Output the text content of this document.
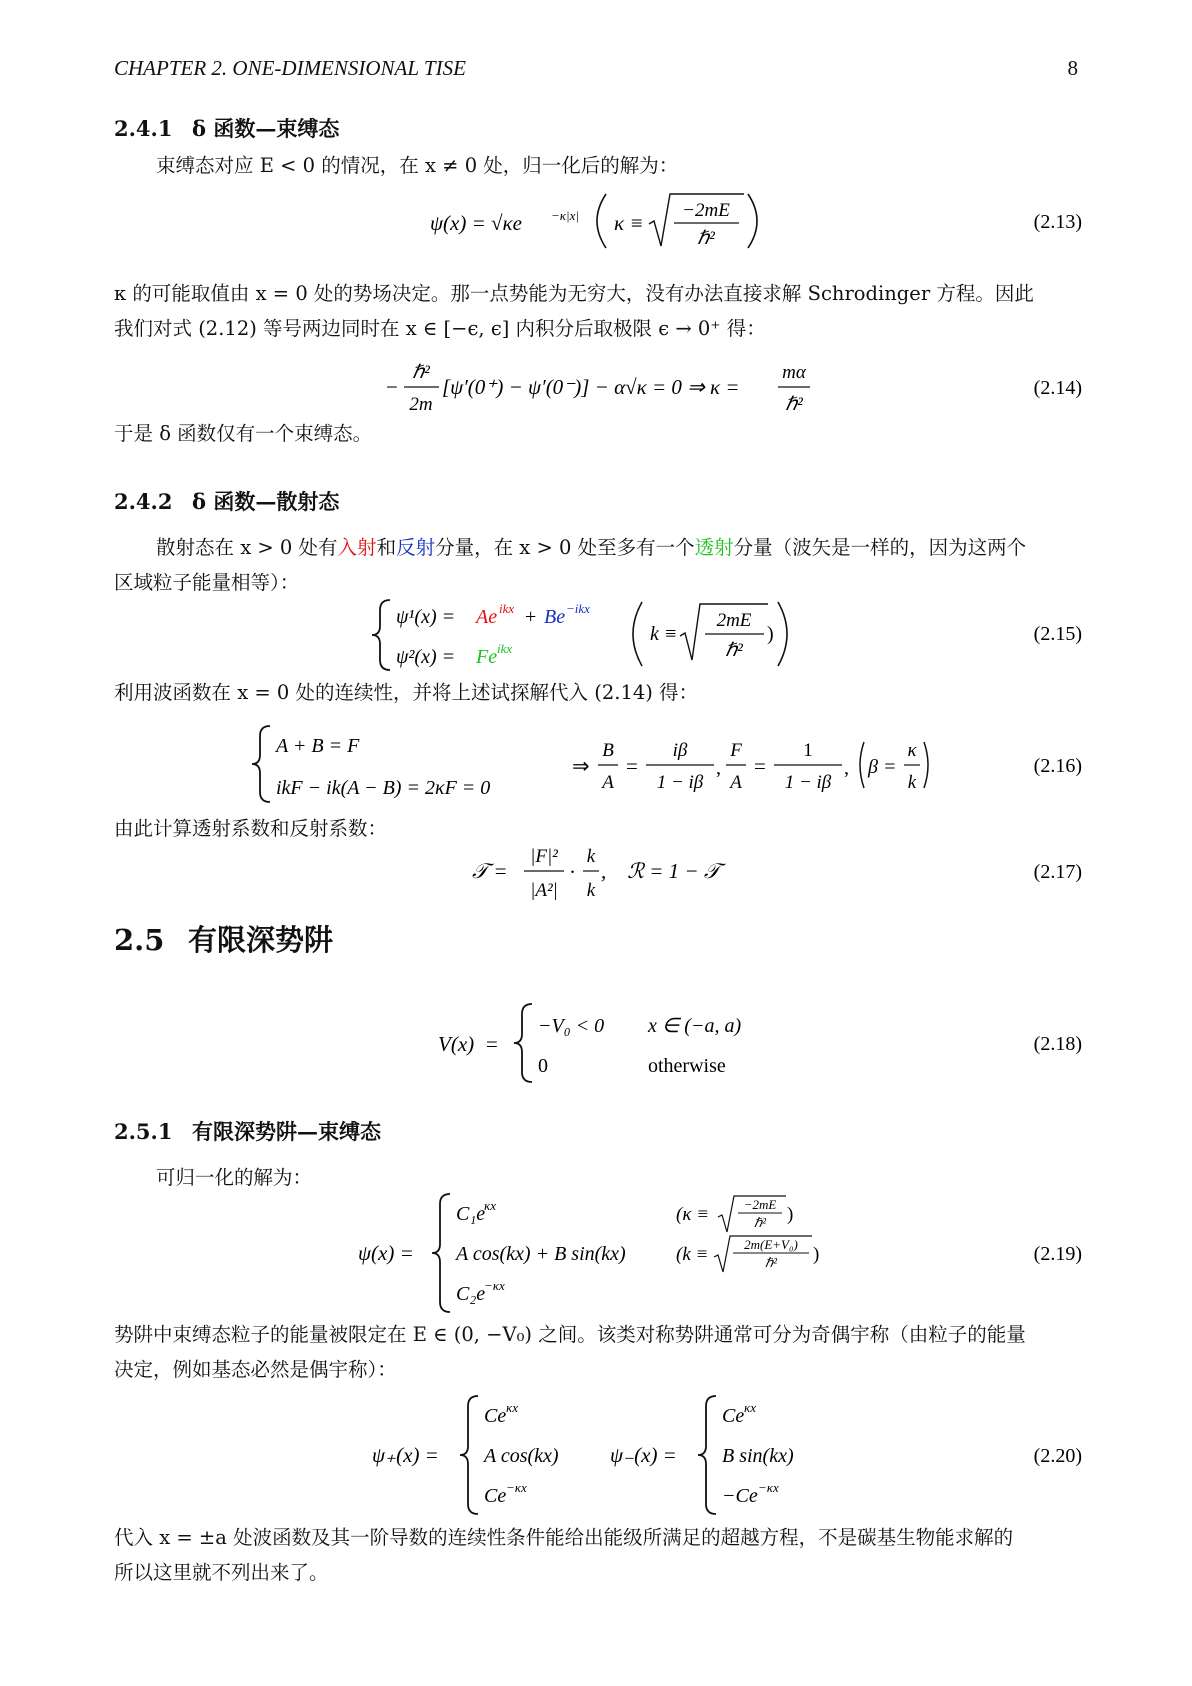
CHAPTER 2. ONE-DIMENSIONAL TISE	8
2.4.1 δ 函数—束缚态
束缚态对应 E < 0 的情况，在 x ≠ 0 处，归一化后的解为：
ψ(x) = √κe −κ|x| κ ≡
−2mE
ℏ²
(2.13)
κ 的可能取值由 x = 0 处的势场决定。那一点势能为无穷大，没有办法直接求解 Schrodinger 方程。因此
我们对式 (2.12) 等号两边同时在 x ∈ [−ϵ, ϵ] 内积分后取极限 ϵ → 0⁺ 得：
−
ℏ²
2m
[ψ′(0⁺) − ψ′(0⁻)] − α√κ = 0 ⇒ κ =
mα
ℏ²
(2.14)
于是 δ 函数仅有一个束缚态。
2.4.2 δ 函数—散射态
散射态在 x > 0 处有入射和反射分量，在 x > 0 处至多有一个透射分量（波矢是一样的，因为这两个
区域粒子能量相等）：
ψ¹(x) = Ae ikx + Be −ikx
ψ²(x) = Fe ikx
k ≡
2mE
ℏ²
)	(2.15)
利用波函数在 x = 0 处的连续性，并将上述试探解代入 (2.14) 得：
A + B = F
ikF − ik(A − B) = 2κF = 0
⇒
B
A
=
iβ
1 − iβ
,
F
A
=
1
1 − iβ
, β =
κ
k
(2.16)
由此计算透射系数和反射系数：
𝒯 =
|F|²
|A²|
·
k
k
,    ℛ = 1 − 𝒯	(2.17)
2.5 有限深势阱
V(x)  =
−V₀ < 0 x ∈ (−a, a)
0	otherwise
(2.18)
2.5.1 有限深势阱—束缚态
可归一化的解为：
ψ(x) =
C₁e
κx	(κ ≡	−2mE
ℏ² )
A cos(kx) + B sin(kx)	(k ≡	2m(E+V₀)
ℏ² )
C₂e
−κx
(2.19)
势阱中束缚态粒子的能量被限定在 E ∈ (0, −V₀) 之间。该类对称势阱通常可分为奇偶宇称（由粒子的能量
决定，例如基态必然是偶宇称）：
ψ₊(x) =
Ce κx
A cos(kx)
Ce −κx
ψ₋(x) =
Ce κx
B sin(kx)
−Ce −κx
(2.20)
代入 x = ±a 处波函数及其一阶导数的连续性条件能给出能级所满足的超越方程，不是碳基生物能求解的
所以这里就不列出来了。
